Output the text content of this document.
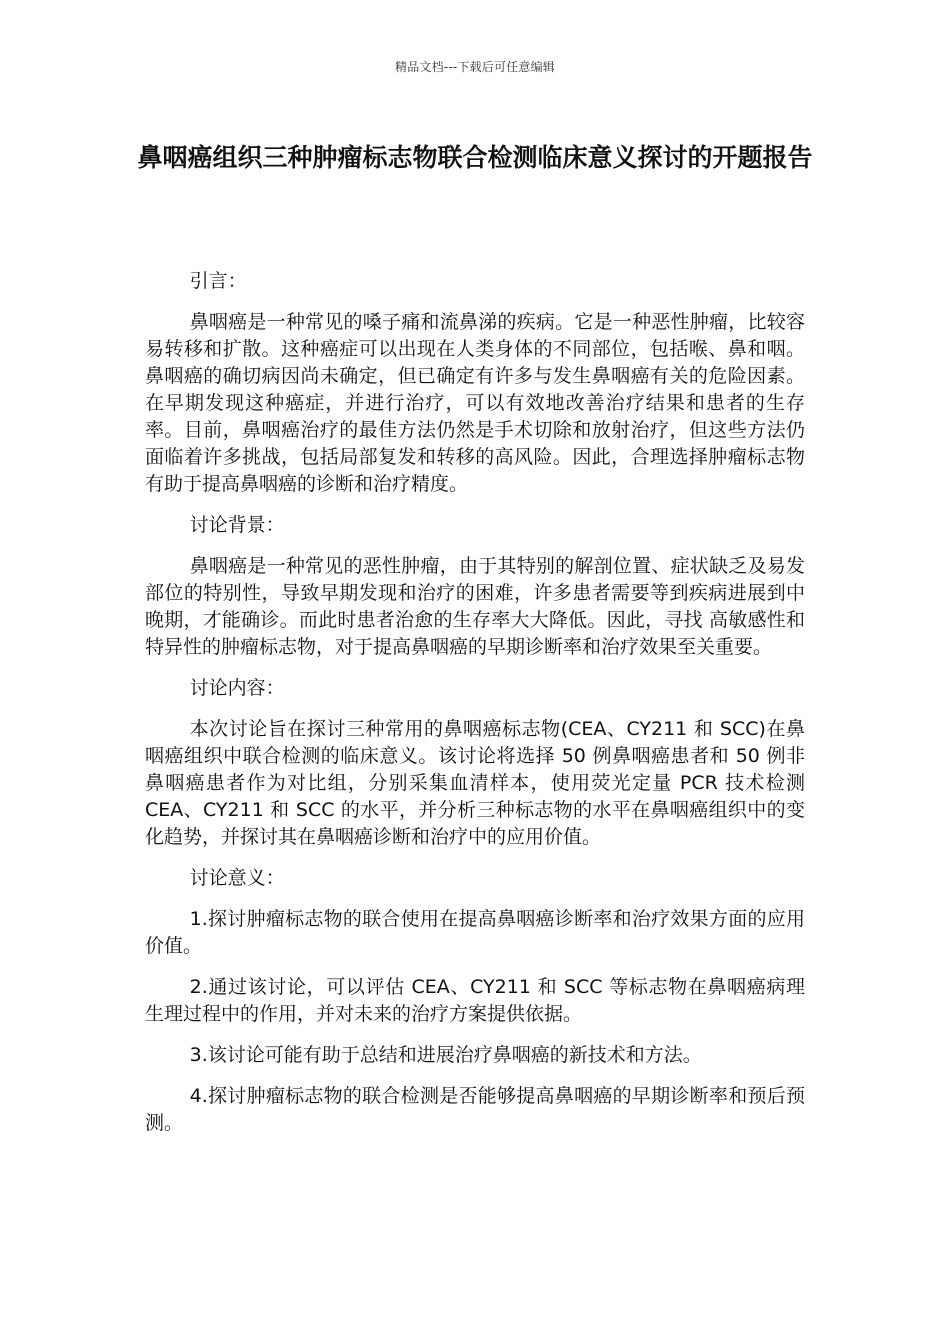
精品文档---下载后可任意编辑
鼻咽癌组织三种肿瘤标志物联合检测临床意义探讨的开题报告

引言：

鼻咽癌是一种常见的嗓子痛和流鼻涕的疾病。它是一种恶性肿瘤，比较容易转移和扩散。这种癌症可以出现在人类身体的不同部位，包括喉、鼻和咽。鼻咽癌的确切病因尚未确定，但已确定有许多与发生鼻咽癌有关的危险因素。在早期发现这种癌症，并进行治疗，可以有效地改善治疗结果和患者的生存率。目前，鼻咽癌治疗的最佳方法仍然是手术切除和放射治疗，但这些方法仍面临着许多挑战，包括局部复发和转移的高风险。因此，合理选择肿瘤标志物有助于提高鼻咽癌的诊断和治疗精度。

讨论背景：

鼻咽癌是一种常见的恶性肿瘤，由于其特别的解剖位置、症状缺乏及易发部位的特别性，导致早期发现和治疗的困难，许多患者需要等到疾病进展到中晚期，才能确诊。而此时患者治愈的生存率大大降低。因此，寻找 高敏感性和特异性的肿瘤标志物，对于提高鼻咽癌的早期诊断率和治疗效果至关重要。

讨论内容：

本次讨论旨在探讨三种常用的鼻咽癌标志物(CEA、CY211 和 SCC)在鼻咽癌组织中联合检测的临床意义。该讨论将选择 50 例鼻咽癌患者和 50 例非鼻咽癌患者作为对比组，分别采集血清样本，使用荧光定量 PCR 技术检测 CEA、CY211 和 SCC 的水平，并分析三种标志物的水平在鼻咽癌组织中的变化趋势，并探讨其在鼻咽癌诊断和治疗中的应用价值。

讨论意义：

1.探讨肿瘤标志物的联合使用在提高鼻咽癌诊断率和治疗效果方面的应用价值。

2.通过该讨论，可以评估 CEA、CY211 和 SCC 等标志物在鼻咽癌病理生理过程中的作用，并对未来的治疗方案提供依据。

3.该讨论可能有助于总结和进展治疗鼻咽癌的新技术和方法。

4.探讨肿瘤标志物的联合检测是否能够提高鼻咽癌的早期诊断率和预后预测。
